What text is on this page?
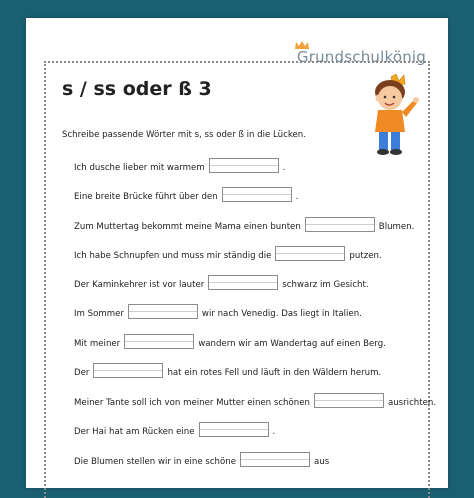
Grundschulkönig
s / ss oder ß 3
Schreibe passende Wörter mit s, ss oder ß in die Lücken.
Ich dusche lieber mit warmem	.
Eine breite Brücke führt über den	.
Zum Muttertag bekommt meine Mama einen bunten	Blumen.
Ich habe Schnupfen und muss mir ständig die	putzen.
Der Kaminkehrer ist vor lauter	schwarz im Gesicht.
Im Sommer	wir nach Venedig. Das liegt in Italien.
Mit meiner	wandern wir am Wandertag auf einen Berg.
Der	hat ein rotes Fell und läuft in den Wäldern herum.
Meiner Tante soll ich von meiner Mutter einen schönen	ausrichten.
Der Hai hat am Rücken eine	.
Die Blumen stellen wir in eine schöne	aus
